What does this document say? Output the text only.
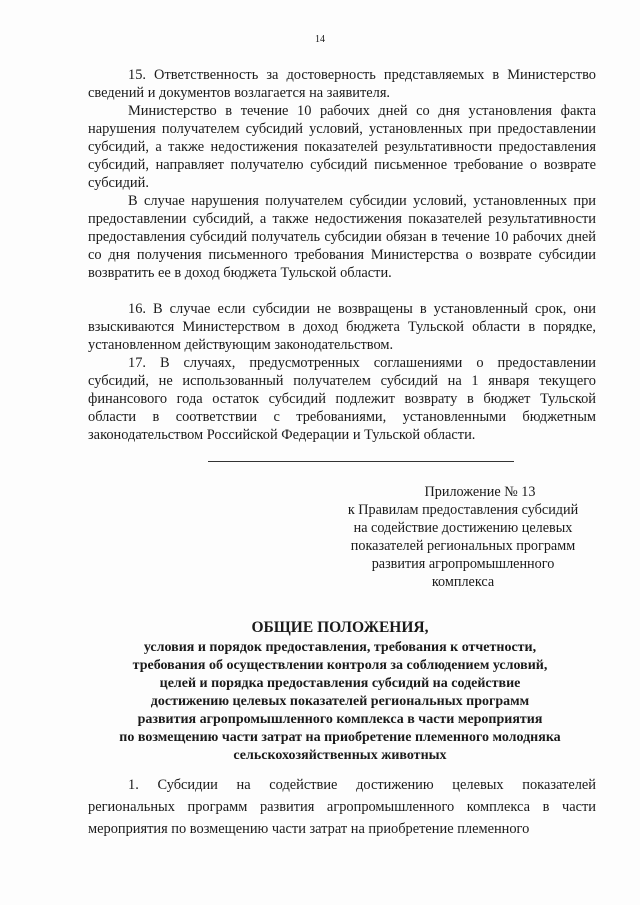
14

15. Ответственность за достоверность представляемых в Министерство сведений и документов возлагается на заявителя.

Министерство в течение 10 рабочих дней со дня установления факта нарушения получателем субсидий условий, установленных при предоставлении субсидий, а также недостижения показателей результативности предоставления субсидий, направляет получателю субсидий письменное требование о возврате субсидий.

В случае нарушения получателем субсидии условий, установленных при предоставлении субсидий, а также недостижения показателей результативности предоставления субсидий получатель субсидии обязан в течение 10 рабочих дней со дня получения письменного требования Министерства о возврате субсидии возвратить ее в доход бюджета Тульской области.

16. В случае если субсидии не возвращены в установленный срок, они взыскиваются Министерством в доход бюджета Тульской области в порядке, установленном действующим законодательством.

17. В случаях, предусмотренных соглашениями о предоставлении субсидий, не использованный получателем субсидий на 1 января текущего финансового года остаток субсидий подлежит возврату в бюджет Тульской области в соответствии с требованиями, установленными бюджетным законодательством Российской Федерации и Тульской области.

Приложение № 13
к Правилам предоставления субсидий
на содействие достижению целевых
показателей региональных программ
развития агропромышленного
комплекса
ОБЩИЕ ПОЛОЖЕНИЯ,
условия и порядок предоставления, требования к отчетности,
требования об осуществлении контроля за соблюдением условий,
целей и порядка предоставления субсидий на содействие
достижению целевых показателей региональных программ
развития агропромышленного комплекса в части мероприятия
по возмещению части затрат на приобретение племенного молодняка
сельскохозяйственных животных

1. Субсидии на содействие достижению целевых показателей региональных программ развития агропромышленного комплекса в части мероприятия по возмещению части затрат на приобретение племенного
